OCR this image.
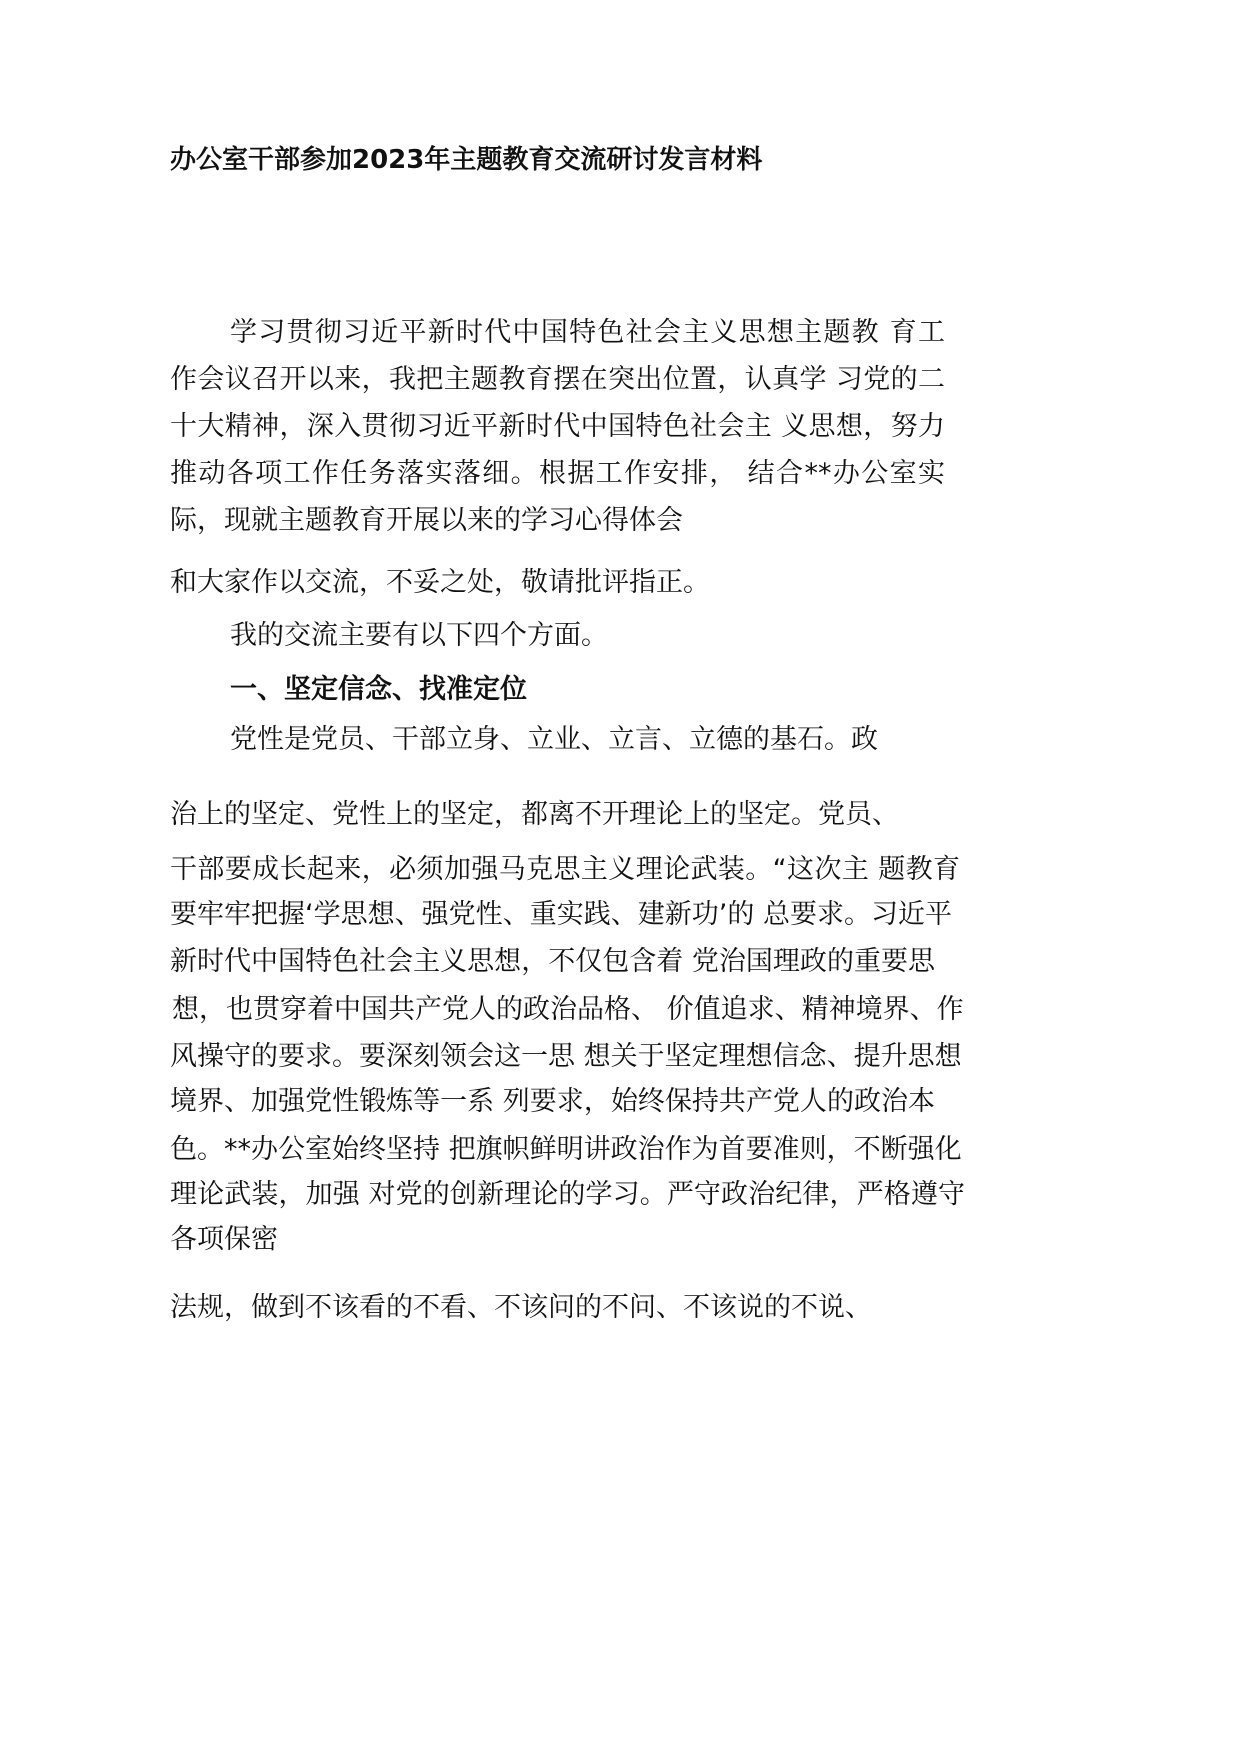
办公室干部参加2023年主题教育交流研讨发言材料
学习贯彻习近平新时代中国特色社会主义思想主题教 育工
作会议召开以来，我把主题教育摆在突出位置，认真学 习党的二
十大精神，深入贯彻习近平新时代中国特色社会主 义思想，努力
推动各项工作任务落实落细。根据工作安排， 结合**办公室实
际，现就主题教育开展以来的学习心得体会
和大家作以交流，不妥之处，敬请批评指正。
我的交流主要有以下四个方面。
一、坚定信念、找准定位
党性是党员、干部立身、立业、立言、立德的基石。政
治上的坚定、党性上的坚定，都离不开理论上的坚定。党员、
干部要成长起来，必须加强马克思主义理论武装。“这次主 题教育
要牢牢把握‘学思想、强党性、重实践、建新功’的 总要求。习近平
新时代中国特色社会主义思想，不仅包含着 党治国理政的重要思
想，也贯穿着中国共产党人的政治品格、 价值追求、精神境界、作
风操守的要求。要深刻领会这一思 想关于坚定理想信念、提升思想
境界、加强党性锻炼等一系 列要求，始终保持共产党人的政治本
色。**办公室始终坚持 把旗帜鲜明讲政治作为首要准则，不断强化
理论武装，加强 对党的创新理论的学习。严守政治纪律，严格遵守
各项保密
法规，做到不该看的不看、不该问的不问、不该说的不说、
